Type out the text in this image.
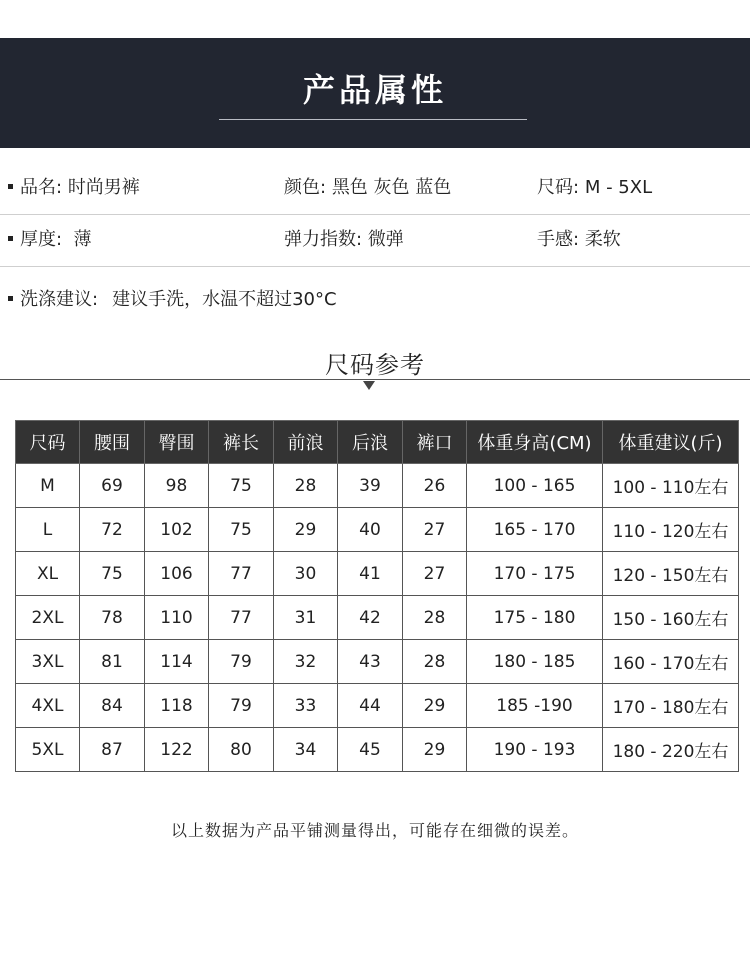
产品属性
品名: 时尚男裤	颜色: 黑色 灰色 蓝色	尺码: M - 5XL
厚度: 薄	弹力指数: 微弹	手感: 柔软
洗涤建议: 建议手洗，水温不超过30°C
尺码参考
尺码	腰围	臀围	裤长	前浪	后浪	裤口	体重身高(CM)	体重建议(斤)
M	69	98	75	28	39	26	100 - 165	100 - 110左右
L	72	102	75	29	40	27	165 - 170	110 - 120左右
XL	75	106	77	30	41	27	170 - 175	120 - 150左右
2XL	78	110	77	31	42	28	175 - 180	150 - 160左右
3XL	81	114	79	32	43	28	180 - 185	160 - 170左右
4XL	84	118	79	33	44	29	185 -190	170 - 180左右
5XL	87	122	80	34	45	29	190 - 193	180 - 220左右
以上数据为产品平铺测量得出，可能存在细微的误差。
